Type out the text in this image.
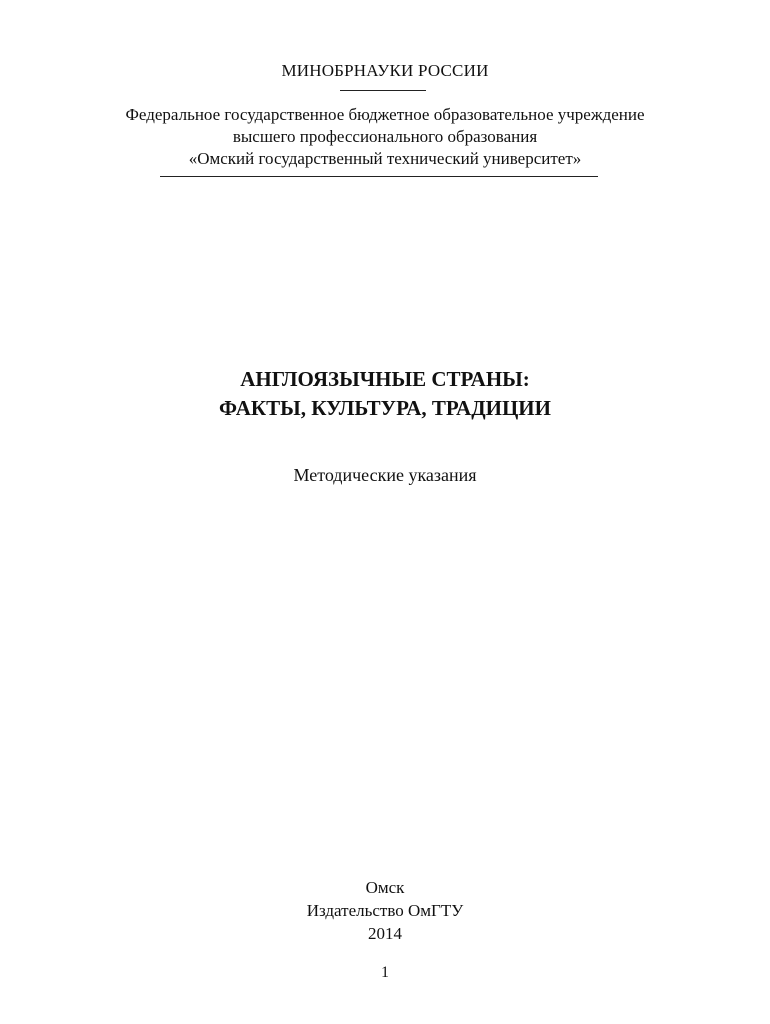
МИНОБРНАУКИ РОССИИ
Федеральное государственное бюджетное образовательное учреждение
высшего профессионального образования
«Омский государственный технический университет»
АНГЛОЯЗЫЧНЫЕ СТРАНЫ:
ФАКТЫ, КУЛЬТУРА, ТРАДИЦИИ
Методические указания
Омск
Издательство ОмГТУ
2014
1
